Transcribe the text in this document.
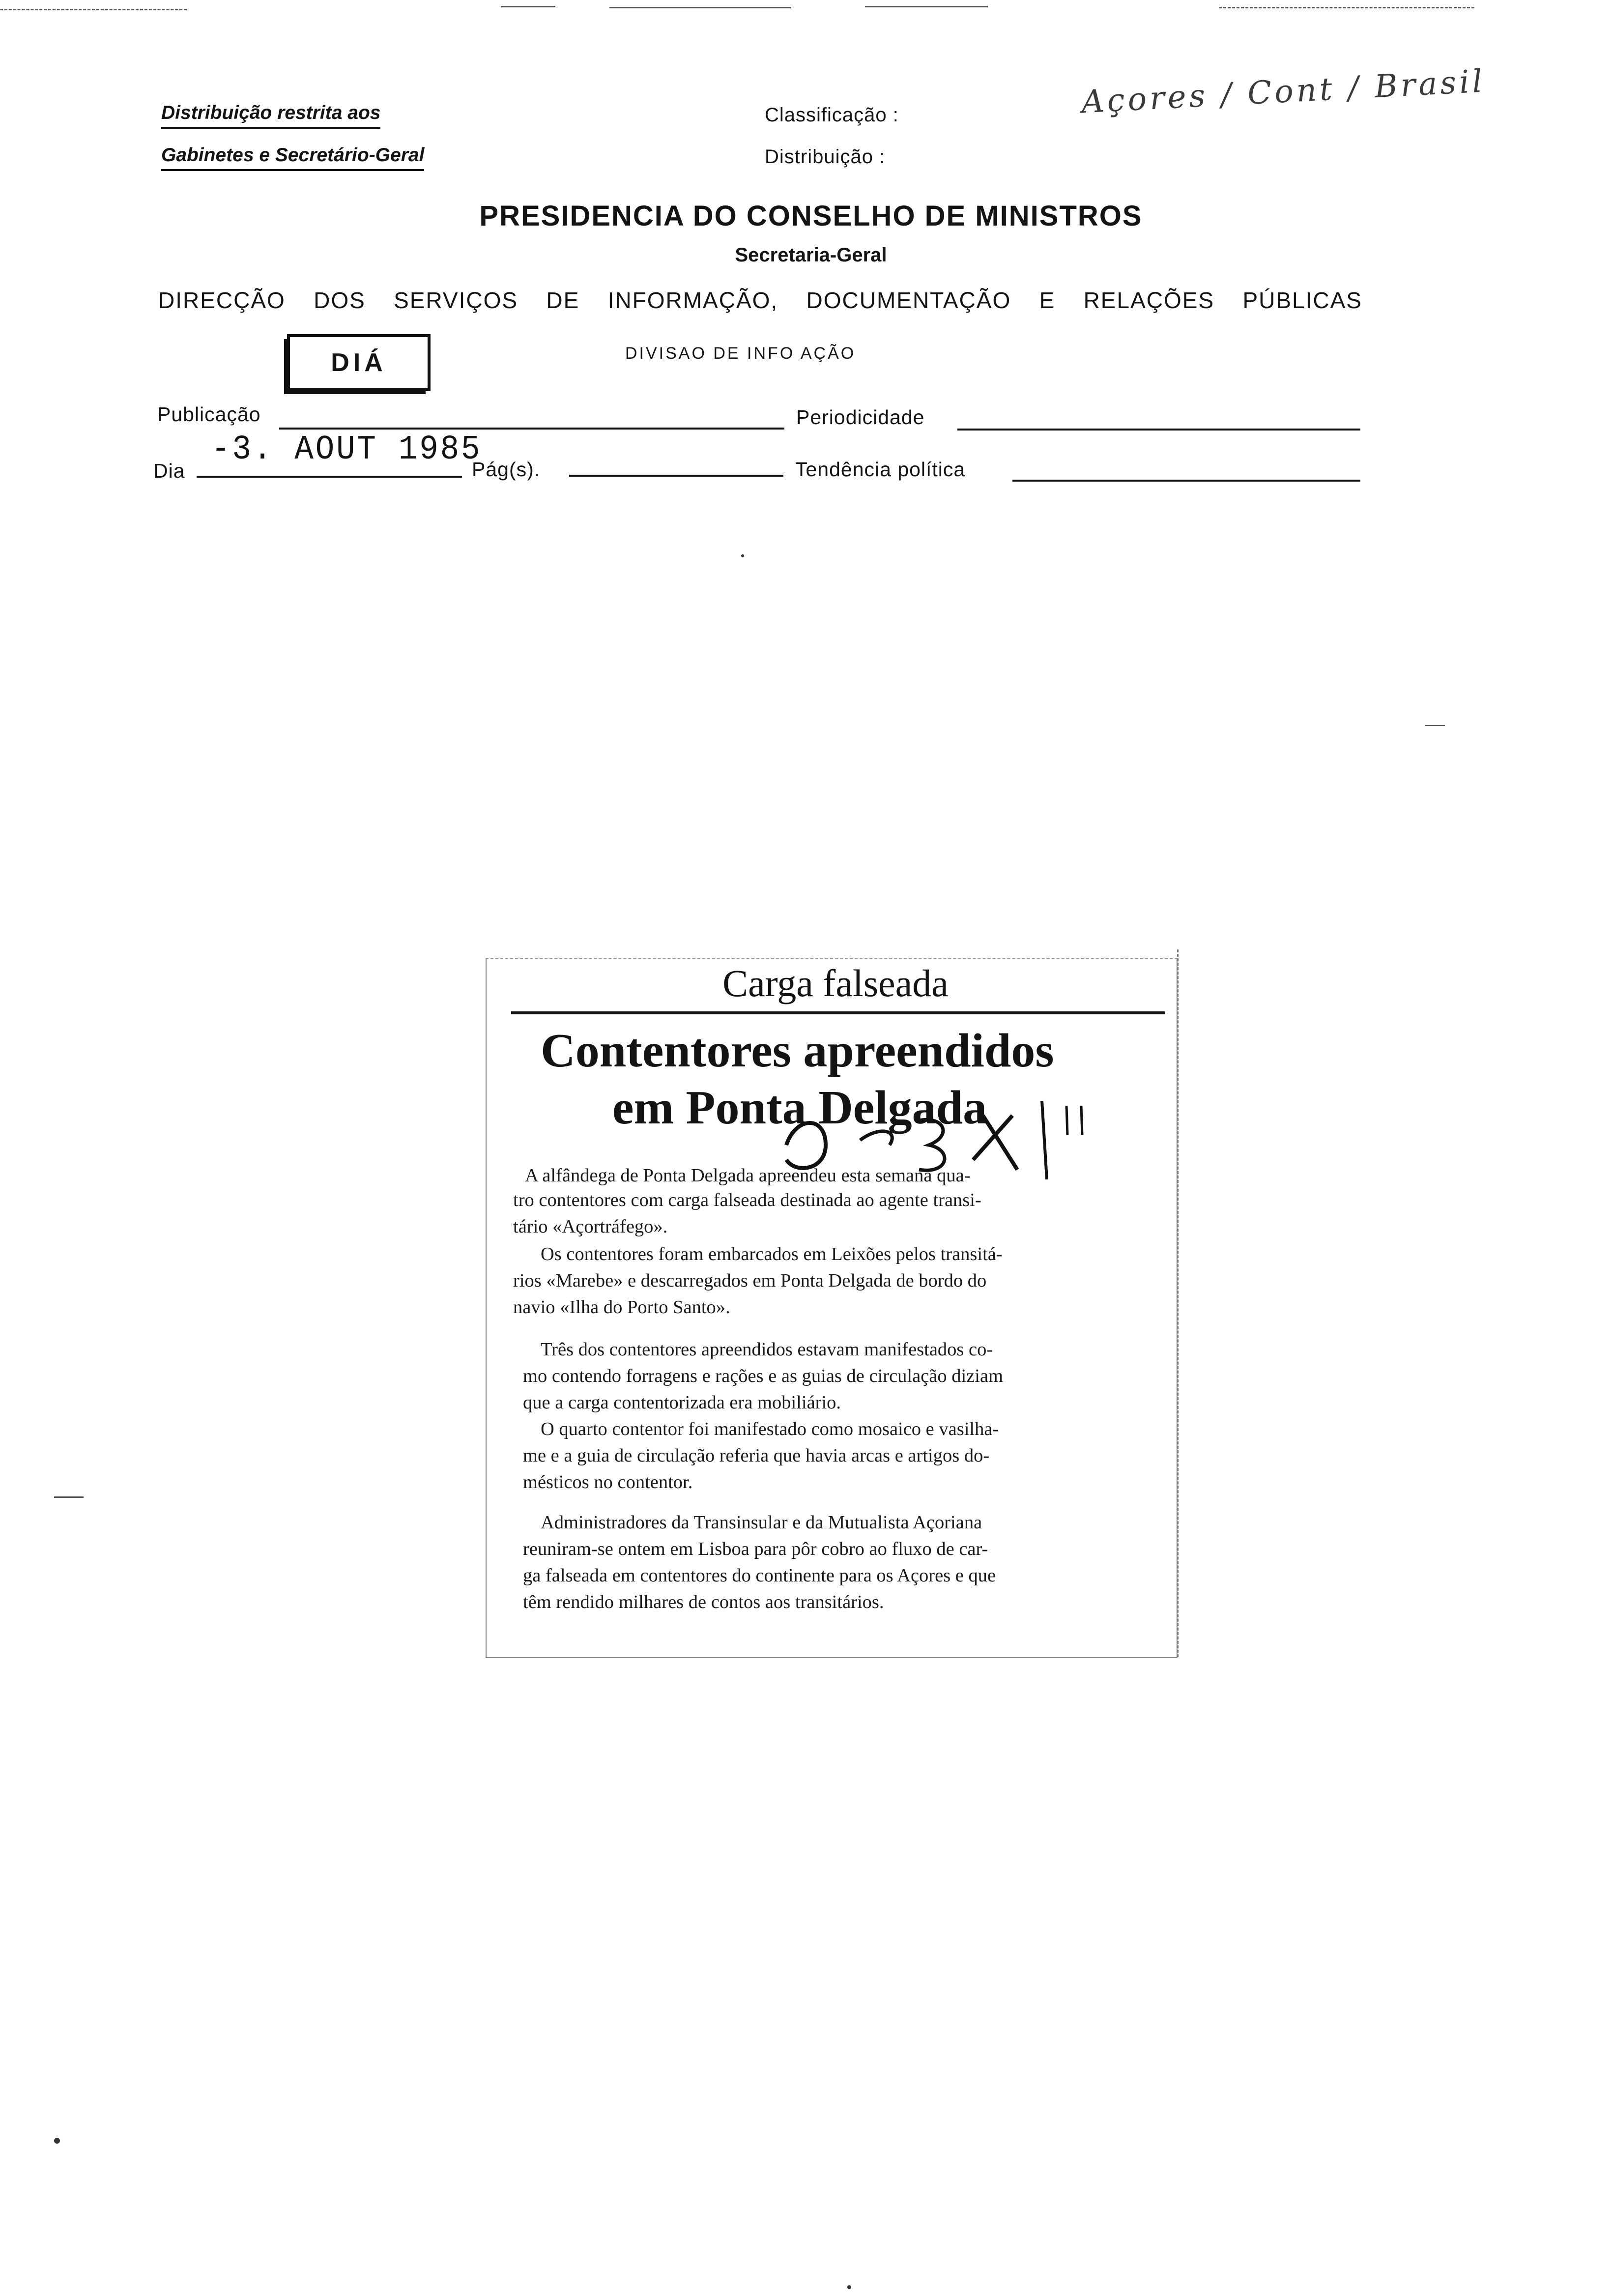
Distribuição restrita aos
Gabinetes e Secretário-Geral
Classificação :
Distribuição :
Açores / Cont / Brasil
PRESIDENCIA DO CONSELHO DE MINISTROS
Secretaria-Geral
DIRECÇÃO DOS SERVIÇOS DE INFORMAÇÃO, DOCUMENTAÇÃO E RELAÇÕES PÚBLICAS
DIÁ	DIVISAO DE INFO AÇÃO
Publicação	Periodicidade
Dia
-3. AOUT 1985
Pág(s).	Tendência política
Carga falseada
Contentores apreendidos
em Ponta Delgada
A alfândega de Ponta Delgada apreendeu esta semana qua-
tro contentores com carga falseada destinada ao agente transi-
tário «Açortráfego».
Os contentores foram embarcados em Leixões pelos transitá-
rios «Marebe» e descarregados em Ponta Delgada de bordo do
navio «Ilha do Porto Santo».
Três dos contentores apreendidos estavam manifestados co-
mo contendo forragens e rações e as guias de circulação diziam
que a carga contentorizada era mobiliário.
O quarto contentor foi manifestado como mosaico e vasilha-
me e a guia de circulação referia que havia arcas e artigos do-
mésticos no contentor.
Administradores da Transinsular e da Mutualista Açoriana
reuniram-se ontem em Lisboa para pôr cobro ao fluxo de car-
ga falseada em contentores do continente para os Açores e que
têm rendido milhares de contos aos transitários.
